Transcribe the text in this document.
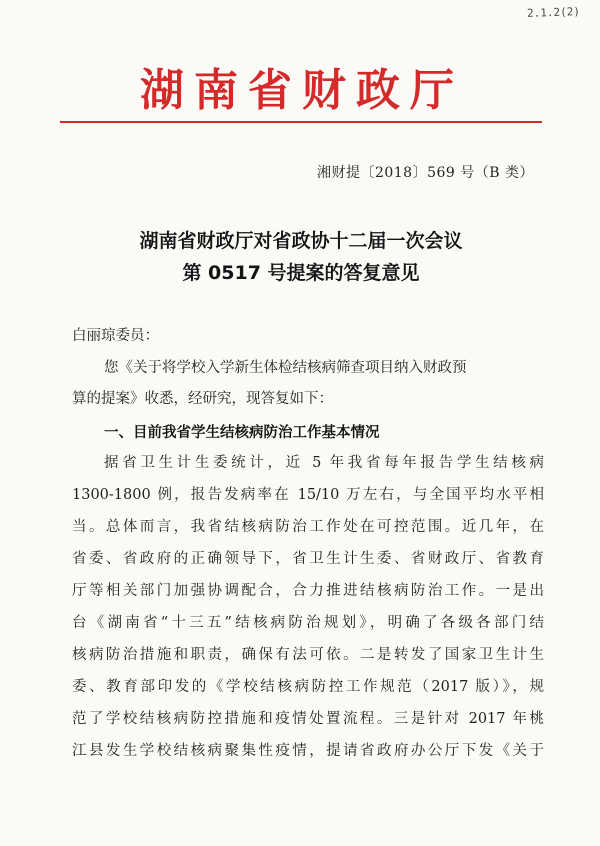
2.1.2(2)
湖南省财政厅
湘财提〔2018〕569 号（B 类）
湖南省财政厅对省政协十二届一次会议
第 0517 号提案的答复意见
白丽琼委员：
您《关于将学校入学新生体检结核病筛查项目纳入财政预
算的提案》收悉，经研究，现答复如下：
一、目前我省学生结核病防治工作基本情况
据省卫生计生委统计，近 5 年我省每年报告学生结核病
1300-1800 例，报告发病率在 15/10 万左右，与全国平均水平相
当。总体而言，我省结核病防治工作处在可控范围。近几年，在
省委、省政府的正确领导下，省卫生计生委、省财政厅、省教育
厅等相关部门加强协调配合，合力推进结核病防治工作。一是出
台《湖南省“十三五”结核病防治规划》，明确了各级各部门结
核病防治措施和职责，确保有法可依。二是转发了国家卫生计生
委、教育部印发的《学校结核病防控工作规范（2017 版）》，规
范了学校结核病防控措施和疫情处置流程。三是针对 2017 年桃
江县发生学校结核病聚集性疫情，提请省政府办公厅下发《关于
